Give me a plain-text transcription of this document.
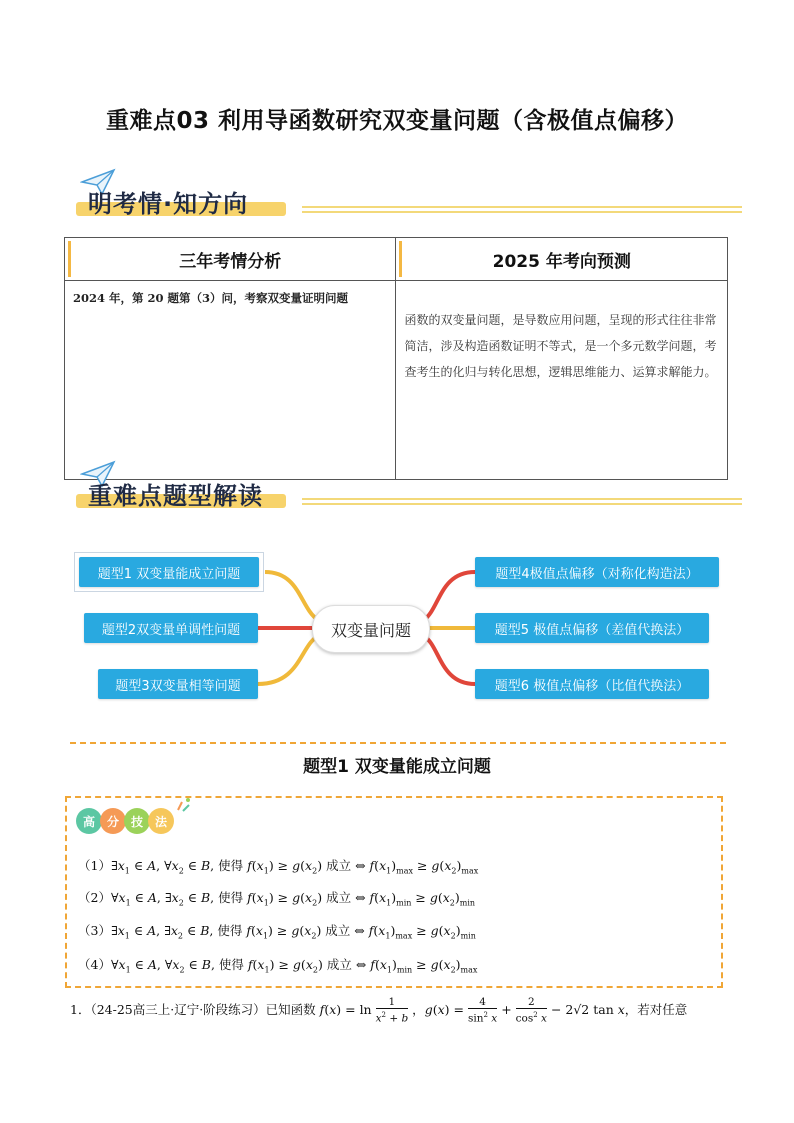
重难点03 利用导函数研究双变量问题（含极值点偏移）
明考情·知方向
三年考情分析	2025 年考向预测
2024 年，第 20 题第（3）问，考察双变量证明问题	函数的双变量问题，是导数应用问题，呈现的形式往往非常简洁，涉及构造函数证明不等式，是一个多元数学问题，考查考生的化归与转化思想，逻辑思维能力、运算求解能力。
重难点题型解读
题型1 双变量能成立问题
题型2双变量单调性问题
题型3双变量相等问题
双变量问题
题型4极值点偏移（对称化构造法）
题型5 极值点偏移（差值代换法）
题型6 极值点偏移（比值代换法）
题型1 双变量能成立问题
高 分 技 法
$(1)\exists x_1$ ∈ A, $\forall x_2$ ∈ B, 使得 $f(x_1) \ge g(x_2)$ 成立 ⇔ $f(x_1)_{max} \ge g(x_2)_{max}$
$(2)\forall x_1$ ∈ A, $\exists x_2$ ∈ B, 使得 $f(x_1) \ge g(x_2)$ 成立 ⇔ $f(x_1)_{min} \ge g(x_2)_{min}$
$(3)\exists x_1$ ∈ A, $\exists x_2$ ∈ B, 使得 $f(x_1) \ge g(x_2)$ 成立 ⇔ $f(x_1)_{max} \ge g(x_2)_{min}$
$(4)\forall x_1$ ∈ A, $\forall x_2$ ∈ B, 使得 $f(x_1) \ge g(x_2)$ 成立 ⇔ $f(x_1)_{min} \ge g(x_2)_{max}$
1．（24-25高三上·辽宁·阶段练习）已知函数 $f(x) = \ln \frac{1}{x^2 + b}$ ，$g(x) = \frac{4}{\sin^2 x} + \frac{2}{\cos^2 x} - 2√2$ tan x，若对任意
